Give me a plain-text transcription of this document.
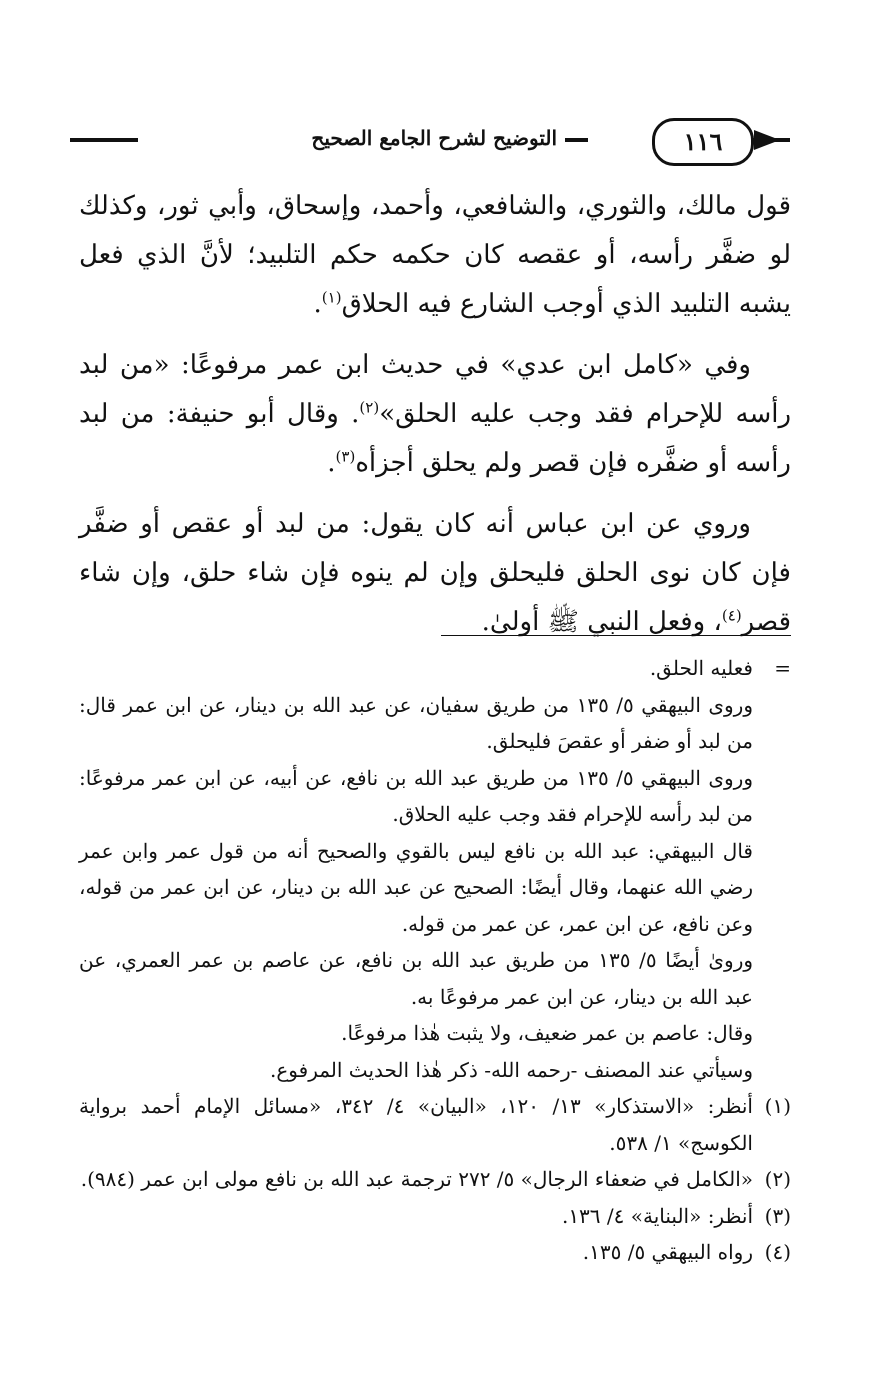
التوضيح لشرح الجامع الصحيح	١١٦

قول مالك، والثوري، والشافعي، وأحمد، وإسحاق، وأبي ثور، وكذلك لو ضفَّر رأسه، أو عقصه كان حكمه حكم التلبيد؛ لأنَّ الذي فعل يشبه التلبيد الذي أوجب الشارع فيه الحلاق$^{(١)}$.

وفي «كامل ابن عدي» في حديث ابن عمر مرفوعًا: «من لبد رأسه للإحرام فقد وجب عليه الحلق»$^{(٢)}$. وقال أبو حنيفة: من لبد رأسه أو ضفَّره فإن قصر ولم يحلق أجزأه$^{(٣)}$.

وروي عن ابن عباس أنه كان يقول: من لبد أو عقص أو ضفَّر فإن كان نوى الحلق فليحلق وإن لم ينوه فإن شاء حلق، وإن شاء قصر$^{(٤)}$، وفعل النبي ﷺ أولىٰ.

=
فعليه الحلق.
وروى البيهقي ٥/ ١٣٥ من طريق سفيان، عن عبد الله بن دينار، عن ابن عمر قال: من لبد أو ضفر أو عقصَ فليحلق.
وروى البيهقي ٥/ ١٣٥ من طريق عبد الله بن نافع، عن أبيه، عن ابن عمر مرفوعًا: من لبد رأسه للإحرام فقد وجب عليه الحلاق.
قال البيهقي: عبد الله بن نافع ليس بالقوي والصحيح أنه من قول عمر وابن عمر رضي الله عنهما، وقال أيضًا: الصحيح عن عبد الله بن دينار، عن ابن عمر من قوله، وعن نافع، عن ابن عمر، عن عمر من قوله.
ورویٰ أيضًا ٥/ ١٣٥ من طريق عبد الله بن نافع، عن عاصم بن عمر العمري، عن عبد الله بن دينار، عن ابن عمر مرفوعًا به.
وقال: عاصم بن عمر ضعيف، ولا يثبت هٰذا مرفوعًا.
وسيأتي عند المصنف -رحمه الله- ذكر هٰذا الحديث المرفوع.
(١)
أنظر: «الاستذكار» ١٣/ ١٢٠، «البيان» ٤/ ٣٤٢، «مسائل الإمام أحمد برواية الكوسج» ١/ ٥٣٨.
(٢)
«الكامل في ضعفاء الرجال» ٥/ ٢٧٢ ترجمة عبد الله بن نافع مولى ابن عمر (٩٨٤).
(٣)
أنظر: «البناية» ٤/ ١٣٦.
(٤)
رواه البيهقي ٥/ ١٣٥.
